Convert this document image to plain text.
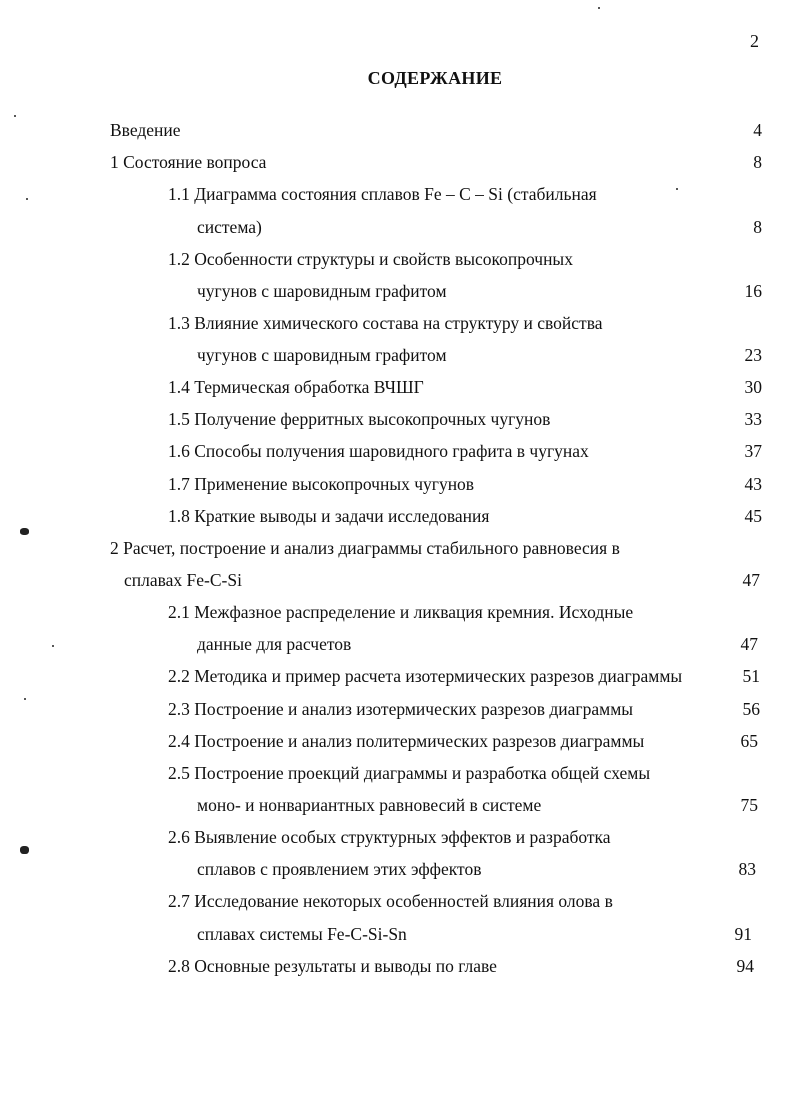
2
СОДЕРЖАНИЕ
Введение	4
1 Состояние вопроса	8
1.1 Диаграмма состояния сплавов Fe – C – Si (стабильная
система)	8
1.2 Особенности структуры и свойств высокопрочных
чугунов с шаровидным графитом	16
1.3 Влияние химического состава на структуру и свойства
чугунов с шаровидным графитом	23
1.4 Термическая обработка ВЧШГ	30
1.5 Получение ферритных высокопрочных чугунов	33
1.6 Способы получения шаровидного графита в чугунах	37
1.7 Применение высокопрочных чугунов	43
1.8 Краткие выводы и задачи исследования	45
2 Расчет, построение и анализ диаграммы стабильного равновесия в
сплавах Fe-C-Si	47
2.1 Межфазное распределение и ликвация кремния. Исходные
данные для расчетов	47
2.2 Методика и пример расчета изотермических разрезов диаграммы	51
2.3 Построение и анализ изотермических разрезов диаграммы	56
2.4 Построение и анализ политермических разрезов диаграммы	65
2.5 Построение проекций диаграммы и разработка общей схемы
моно- и нонвариантных равновесий в системе	75
2.6 Выявление особых структурных эффектов и разработка
сплавов с проявлением этих эффектов	83
2.7 Исследование некоторых особенностей влияния олова в
сплавах системы Fe-C-Si-Sn	91
2.8 Основные результаты и выводы по главе	94
